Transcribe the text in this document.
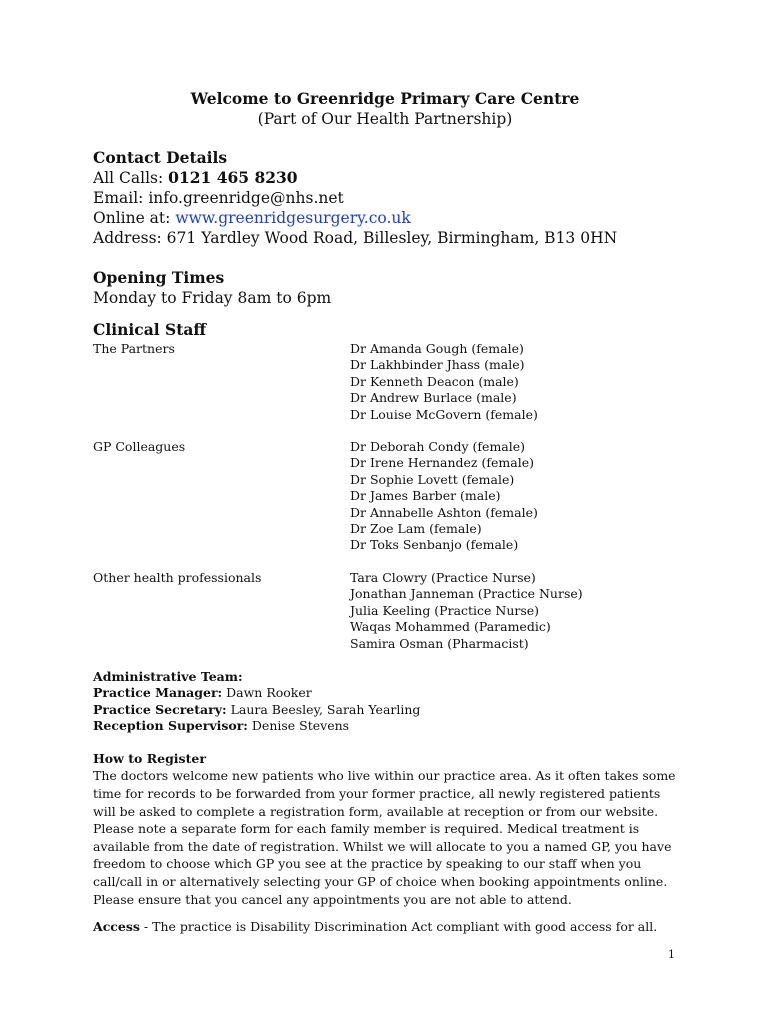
Welcome to Greenridge Primary Care Centre
(Part of Our Health Partnership)
Contact Details
All Calls: 0121 465 8230
Email: info.greenridge@nhs.net
Online at: www.greenridgesurgery.co.uk
Address: 671 Yardley Wood Road, Billesley, Birmingham, B13 0HN
Opening Times
Monday to Friday 8am to 6pm
Clinical Staff
The Partners	Dr Amanda Gough (female)
Dr Lakhbinder Jhass (male)
Dr Kenneth Deacon (male)
Dr Andrew Burlace (male)
Dr Louise McGovern (female)
GP Colleagues	Dr Deborah Condy (female)
Dr Irene Hernandez (female)
Dr Sophie Lovett (female)
Dr James Barber (male)
Dr Annabelle Ashton (female)
Dr Zoe Lam (female)
Dr Toks Senbanjo (female)
Other health professionals	Tara Clowry (Practice Nurse)
Jonathan Janneman (Practice Nurse)
Julia Keeling (Practice Nurse)
Waqas Mohammed (Paramedic)
Samira Osman (Pharmacist)
Administrative Team:
Practice Manager: Dawn Rooker
Practice Secretary: Laura Beesley, Sarah Yearling
Reception Supervisor: Denise Stevens
How to Register
The doctors welcome new patients who live within our practice area. As it often takes some
time for records to be forwarded from your former practice, all newly registered patients
will be asked to complete a registration form, available at reception or from our website.
Please note a separate form for each family member is required. Medical treatment is
available from the date of registration. Whilst we will allocate to you a named GP, you have
freedom to choose which GP you see at the practice by speaking to our staff when you
call/call in or alternatively selecting your GP of choice when booking appointments online.
Please ensure that you cancel any appointments you are not able to attend.
Access - The practice is Disability Discrimination Act compliant with good access for all.
1
